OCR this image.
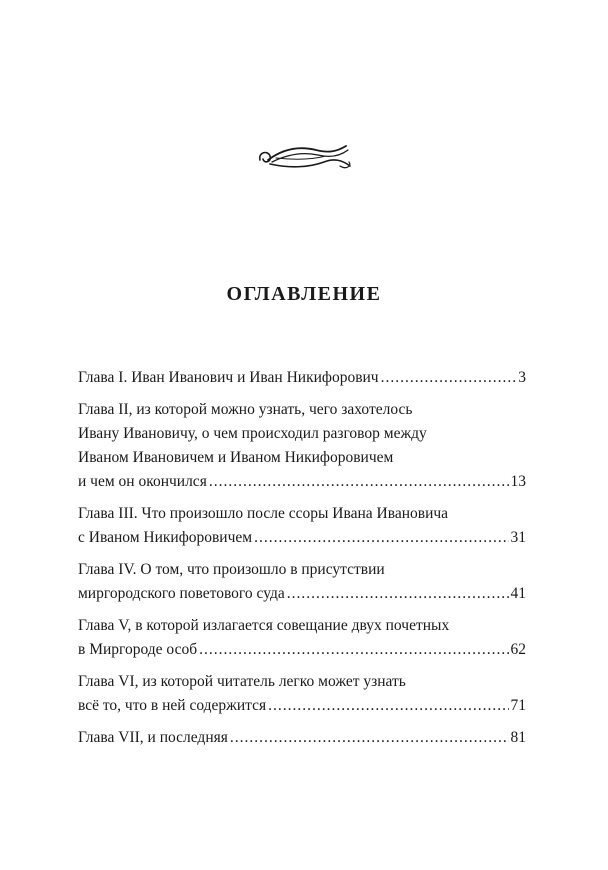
оглавление
Глава I. Иван Иванович и Иван Никифорович .....	3
Глава II, из которой можно узнать, чего захотелось
Ивану Ивановичу, о чем происходил разговор между
Иваном Ивановичем и Иваном Никифоровичем
и чем он окончился .....	13
Глава III. Что произошло после ссоры Ивана Ивановича
с Иваном Никифоровичем .....	31
Глава IV. О том, что произошло в присутствии
миргородского поветового суда .....	41
Глава V, в которой излагается совещание двух почетных
в Миргороде особ .....	62
Глава VI, из которой читатель легко может узнать
всё то, что в ней содержится .....	71
Глава VII, и последняя .....	81
